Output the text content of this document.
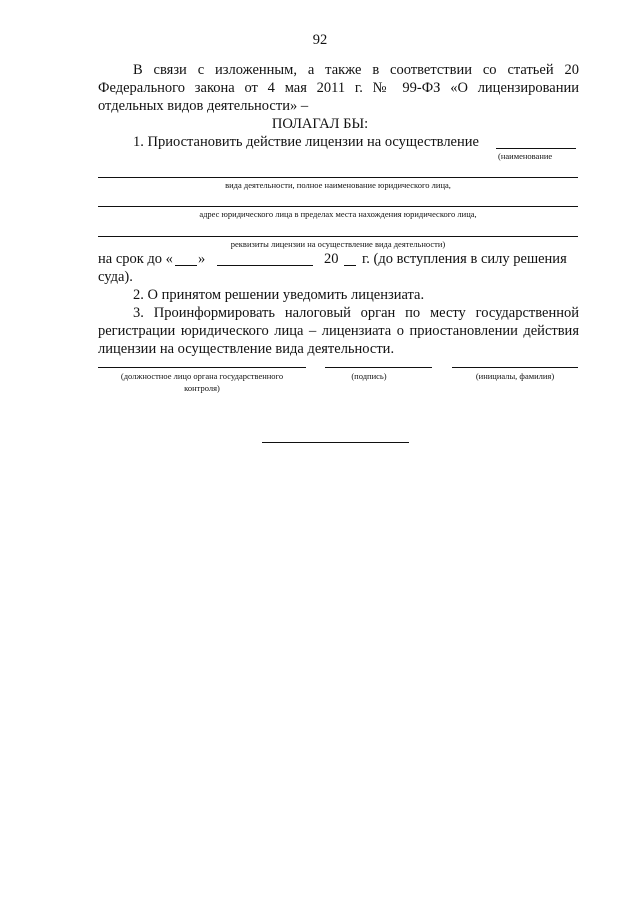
92
В связи с изложенным, а также в соответствии со статьей 20
Федерального закона от 4 мая 2011 г. № 99-ФЗ «О лицензировании
отдельных видов деятельности» –
ПОЛАГАЛ БЫ:
1. Приостановить действие лицензии на осуществление
(наименование
вида деятельности, полное наименование юридического лица,
адрес юридического лица в пределах места нахождения юридического лица,
реквизиты лицензии на осуществление вида деятельности)
на срок до « »	20 г. (до вступления в силу решения
суда).
2. О принятом решении уведомить лицензиата.
3. Проинформировать налоговый орган по месту государственной
регистрации юридического лица – лицензиата о приостановлении действия
лицензии на осуществление вида деятельности.
(должностное лицо органа государственного
контроля)
(подпись)	(инициалы, фамилия)
